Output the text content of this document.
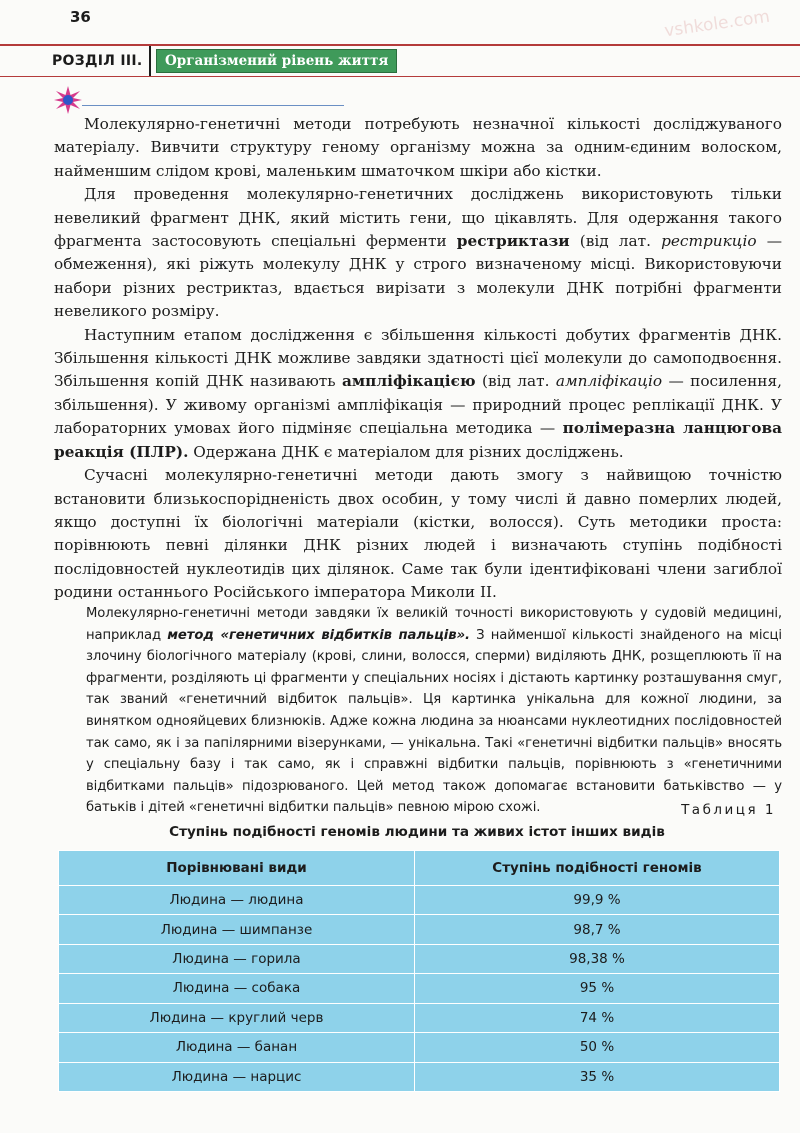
36
РОЗДІЛ III.	Організмений рівень життя

Молекулярно-генетичні методи потребують незначної кількості досліджуваного матеріалу. Вивчити структуру геному організму можна за одним-єдиним волоском, найменшим слідом крові, маленьким шматочком шкіри або кістки.

Для проведення молекулярно-генетичних досліджень використовують тільки невеликий фрагмент ДНК, який містить гени, що цікавлять. Для одержання такого фрагмента застосовують спеціальні ферменти рестриктази (від лат. рестрикціо — обмеження), які ріжуть молекулу ДНК у строго визначеному місці. Використовуючи набори різних рестриктаз, вдається вирізати з молекули ДНК потрібні фрагменти невеликого розміру.

Наступним етапом дослідження є збільшення кількості добутих фрагментів ДНК. Збільшення кількості ДНК можливе завдяки здатності цієї молекули до самоподвоєння. Збільшення копій ДНК називають ампліфікацією (від лат. ампліфікаціо — посилення, збільшення). У живому організмі ампліфікація — природний процес реплікації ДНК. У лабораторних умовах його підміняє спеціальна методика — полімеразна ланцюгова реакція (ПЛР). Одержана ДНК є матеріалом для різних досліджень.

Сучасні молекулярно-генетичні методи дають змогу з найвищою точністю встановити близькоспорідненість двох особин, у тому числі й давно померлих людей, якщо доступні їх біологічні матеріали (кістки, волосся). Суть методики проста: порівнюють певні ділянки ДНК різних людей і визначають ступінь подібності послідовностей нуклеотидів цих ділянок. Саме так були ідентифіковані члени загиблої родини останнього Російського імператора Миколи II.

Молекулярно-генетичні методи завдяки їх великій точності використовують у судовій медицині, наприклад метод «генетичних відбитків пальців». З найменшої кількості знайденого на місці злочину біологічного матеріалу (крові, слини, волосся, сперми) виділяють ДНК, розщеплюють її на фрагменти, розділяють ці фрагменти у спеціальних носіях і дістають картинку розташування смуг, так званий «генетичний відбиток пальців». Ця картинка унікальна для кожної людини, за винятком однояйцевих близнюків. Адже кожна людина за нюансами нуклеотидних послідовностей так само, як і за папілярними візерунками, — унікальна. Такі «генетичні відбитки пальців» вносять у спеціальну базу і так само, як і справжні відбитки пальців, порівнюють з «генетичними відбитками пальців» підозрюваного. Цей метод також допомагає встановити батьківство — у батьків і дітей «генетичні відбитки пальців» певною мірою схожі.	Таблиця 1
Ступінь подібності геномів людини та живих істот інших видів
Порівнювані види	Ступінь подібності геномів
Людина — людина	99,9 %
Людина — шимпанзе	98,7 %
Людина — горила	98,38 %
Людина — собака	95 %
Людина — круглий черв	74 %
Людина — банан	50 %
Людина — нарцис	35 %
vshkole.com
